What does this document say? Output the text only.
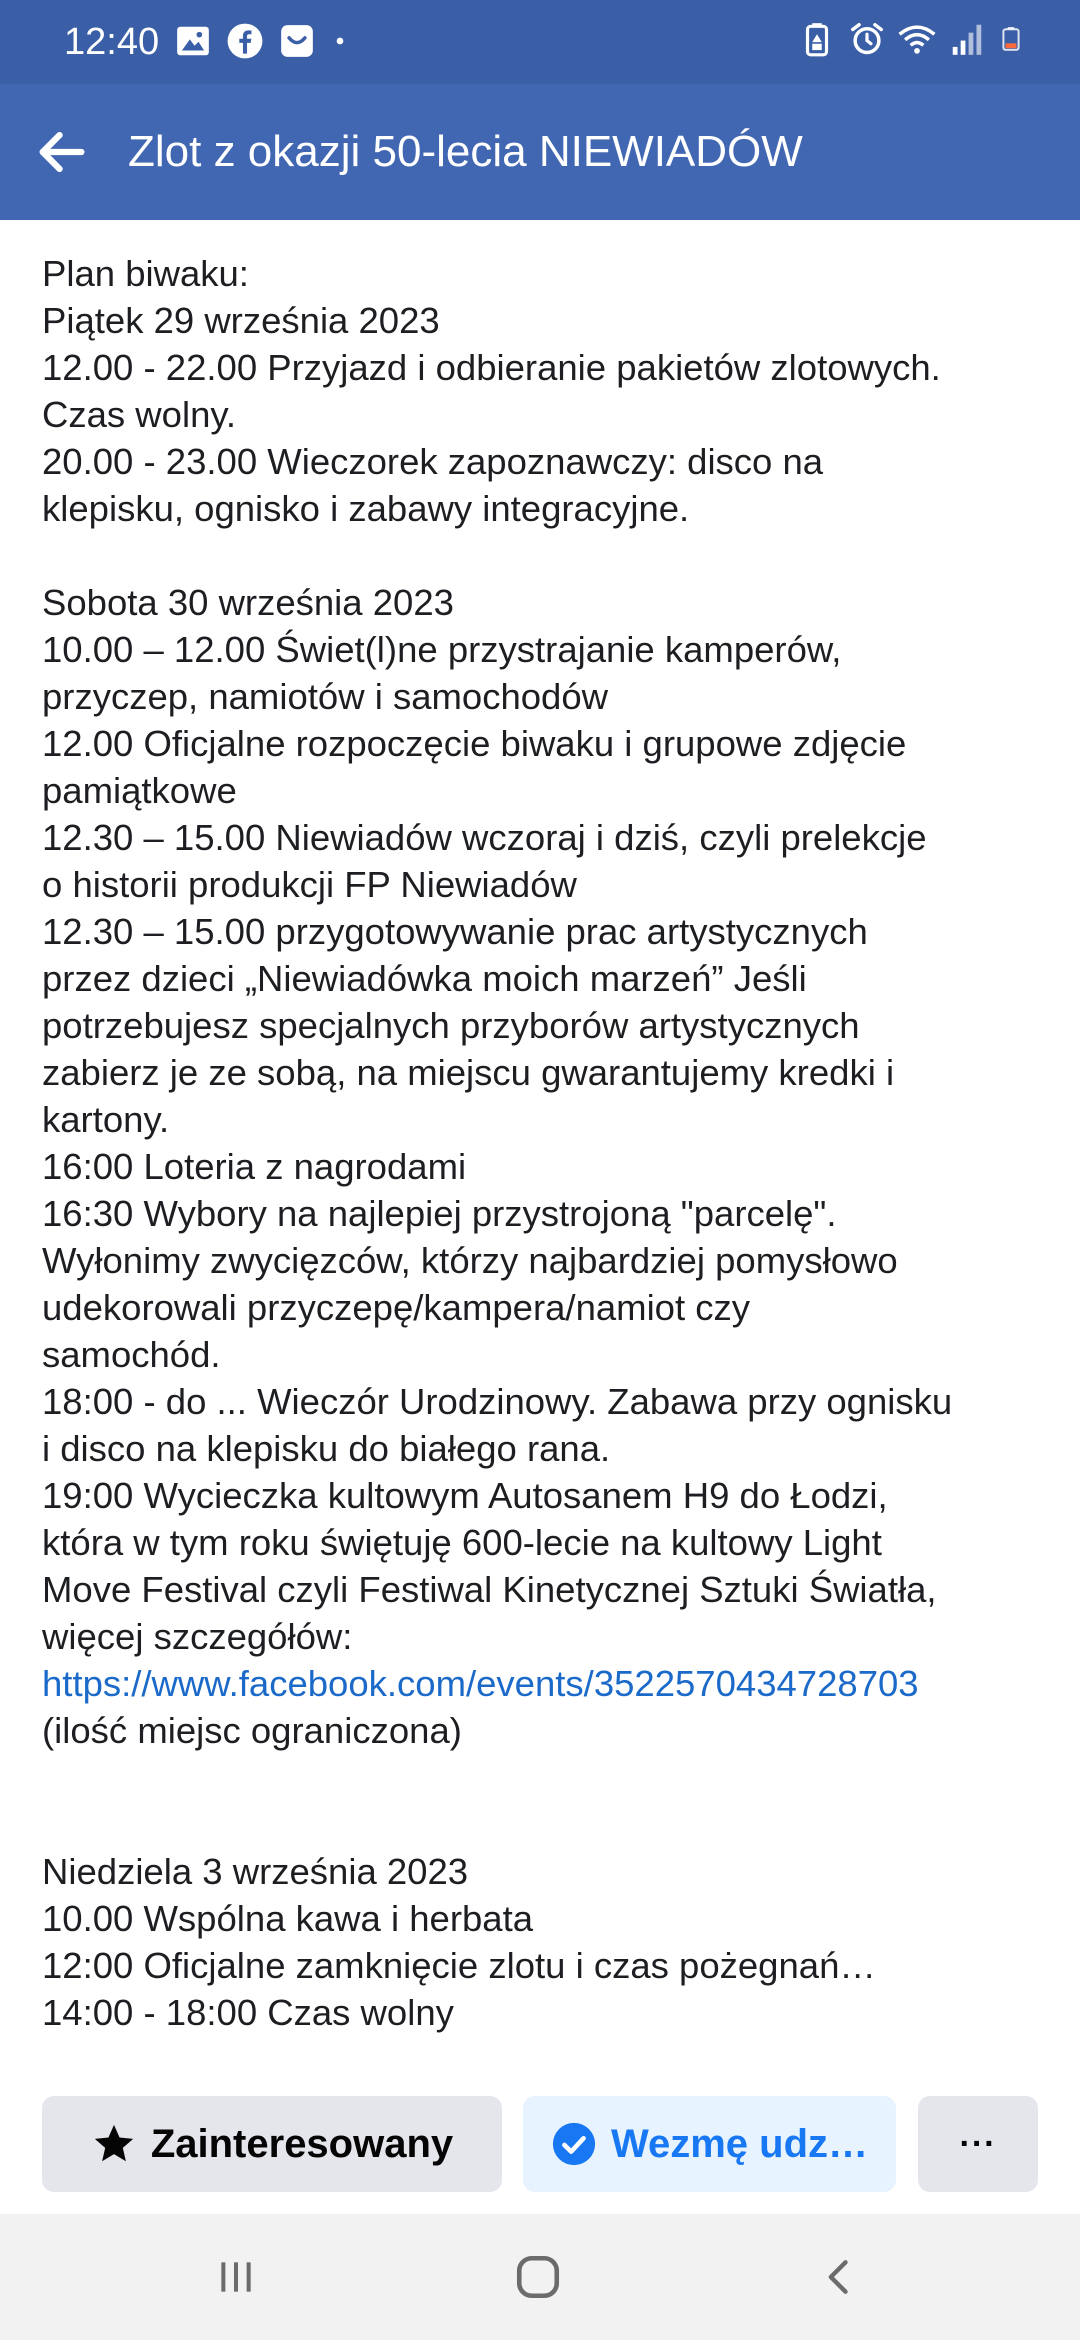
12:40
Zlot z okazji 50-lecia NIEWIADÓW
Plan biwaku:
Piątek 29 września 2023
12.00 - 22.00 Przyjazd i odbieranie pakietów zlotowych.
Czas wolny.
20.00 - 23.00 Wieczorek zapoznawczy: disco na
klepisku, ognisko i zabawy integracyjne.
Sobota 30 września 2023
10.00 – 12.00 Świet(l)ne przystrajanie kamperów,
przyczep, namiotów i samochodów
12.00 Oficjalne rozpoczęcie biwaku i grupowe zdjęcie
pamiątkowe
12.30 – 15.00 Niewiadów wczoraj i dziś, czyli prelekcje
o historii produkcji FP Niewiadów
12.30 – 15.00 przygotowywanie prac artystycznych
przez dzieci „Niewiadówka moich marzeń” Jeśli
potrzebujesz specjalnych przyborów artystycznych
zabierz je ze sobą, na miejscu gwarantujemy kredki i
kartony.
16:00 Loteria z nagrodami
16:30 Wybory na najlepiej przystrojoną "parcelę".
Wyłonimy zwycięzców, którzy najbardziej pomysłowo
udekorowali przyczepę/kampera/namiot czy
samochód.
18:00 - do ... Wieczór Urodzinowy. Zabawa przy ognisku
i disco na klepisku do białego rana.
19:00 Wycieczka kultowym Autosanem H9 do Łodzi,
która w tym roku świętuję 600-lecie na kultowy Light
Move Festival czyli Festiwal Kinetycznej Sztuki Światła,
więcej szczegółów:
https://www.facebook.com/events/3522570434728703
(ilość miejsc ograniczona)
Niedziela 3 września 2023
10.00 Wspólna kawa i herbata
12:00 Oficjalne zamknięcie zlotu i czas pożegnań…
14:00 - 18:00 Czas wolny
Zainteresowany	Wezmę udz…	···
